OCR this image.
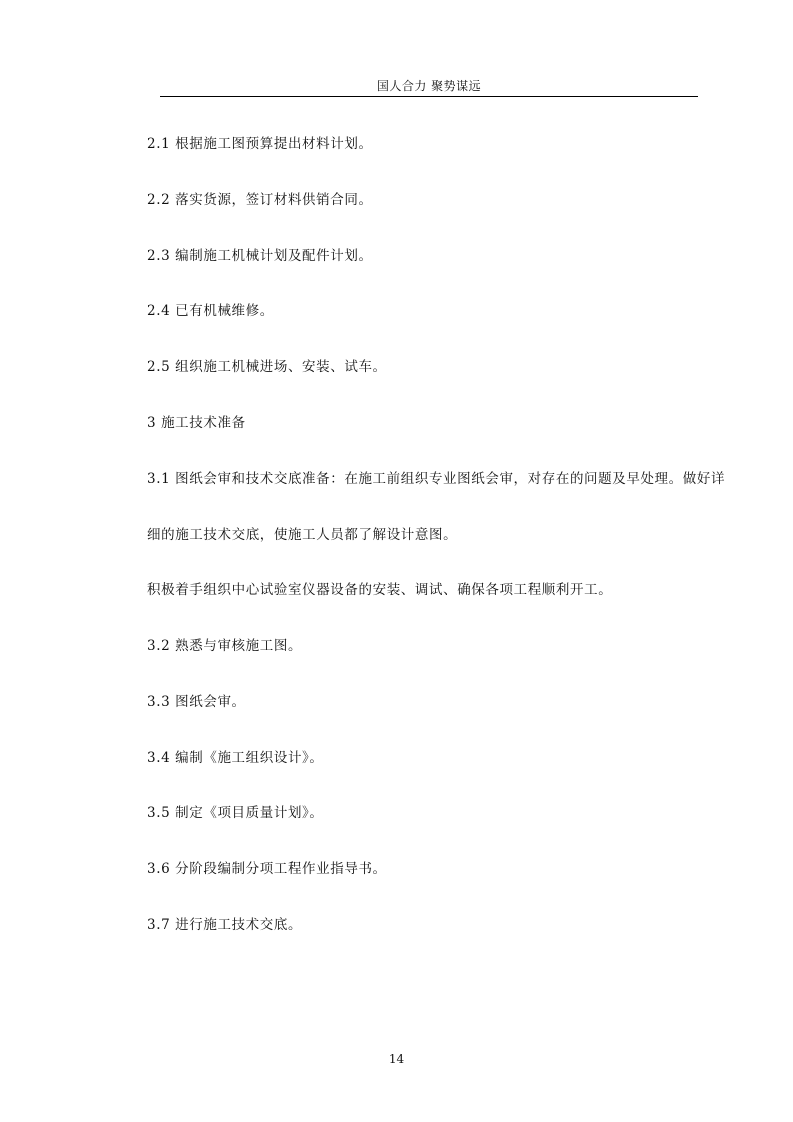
国人合力 聚势谋远
2.1 根据施工图预算提出材料计划。
2.2 落实货源，签订材料供销合同。
2.3 编制施工机械计划及配件计划。
2.4 已有机械维修。
2.5 组织施工机械进场、安装、试车。
3 施工技术准备
3.1 图纸会审和技术交底准备：在施工前组织专业图纸会审，对存在的问题及早处理。做好详
细的施工技术交底，使施工人员都了解设计意图。
积极着手组织中心试验室仪器设备的安装、调试、确保各项工程顺利开工。
3.2 熟悉与审核施工图。
3.3 图纸会审。
3.4 编制《施工组织设计》。
3.5 制定《项目质量计划》。
3.6 分阶段编制分项工程作业指导书。
3.7 进行施工技术交底。
14
